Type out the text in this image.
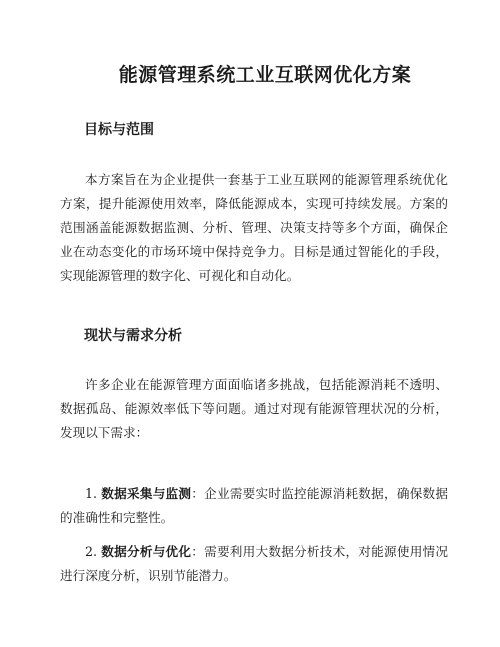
能源管理系统工业互联网优化方案
目标与范围

本方案旨在为企业提供一套基于工业互联网的能源管理系统优化方案，提升能源使用效率，降低能源成本，实现可持续发展。方案的范围涵盖能源数据监测、分析、管理、决策支持等多个方面，确保企业在动态变化的市场环境中保持竞争力。目标是通过智能化的手段，实现能源管理的数字化、可视化和自动化。

现状与需求分析

许多企业在能源管理方面面临诸多挑战，包括能源消耗不透明、数据孤岛、能源效率低下等问题。通过对现有能源管理状况的分析，发现以下需求：

1. 数据采集与监测：企业需要实时监控能源消耗数据，确保数据的准确性和完整性。

2. 数据分析与优化：需要利用大数据分析技术，对能源使用情况进行深度分析，识别节能潜力。
